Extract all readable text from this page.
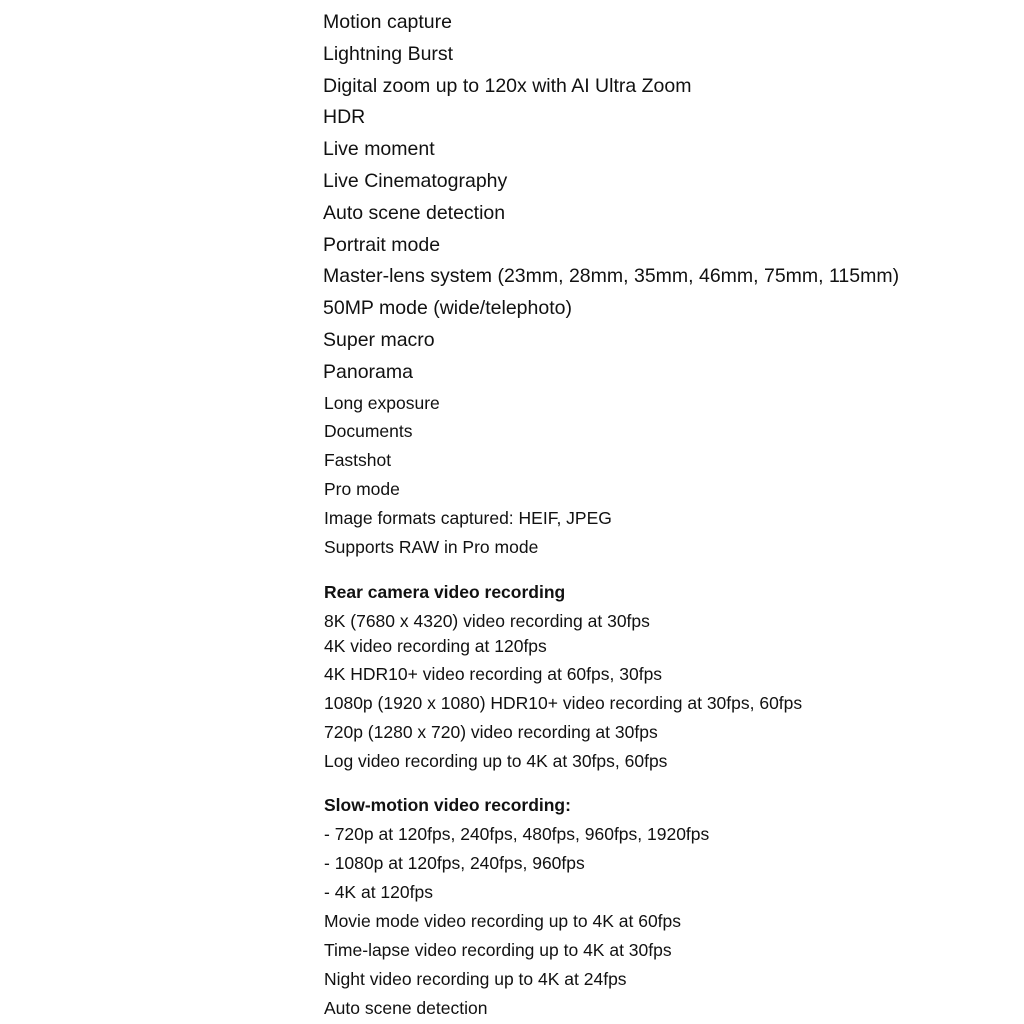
Motion capture
Lightning Burst
Digital zoom up to 120x with AI Ultra Zoom
HDR
Live moment
Live Cinematography
Auto scene detection
Portrait mode
Master-lens system (23mm, 28mm, 35mm, 46mm, 75mm, 115mm)
50MP mode (wide/telephoto)
Super macro
Panorama
Long exposure
Documents
Fastshot
Pro mode
Image formats captured: HEIF, JPEG
Supports RAW in Pro mode
Rear camera video recording
8K (7680 x 4320) video recording at 30fps
4K video recording at 120fps
4K HDR10+ video recording at 60fps, 30fps
1080p (1920 x 1080) HDR10+ video recording at 30fps, 60fps
720p (1280 x 720) video recording at 30fps
Log video recording up to 4K at 30fps, 60fps
Slow-motion video recording:
- 720p at 120fps, 240fps, 480fps, 960fps, 1920fps
- 1080p at 120fps, 240fps, 960fps
- 4K at 120fps
Movie mode video recording up to 4K at 60fps
Time-lapse video recording up to 4K at 30fps
Night video recording up to 4K at 24fps
Auto scene detection
